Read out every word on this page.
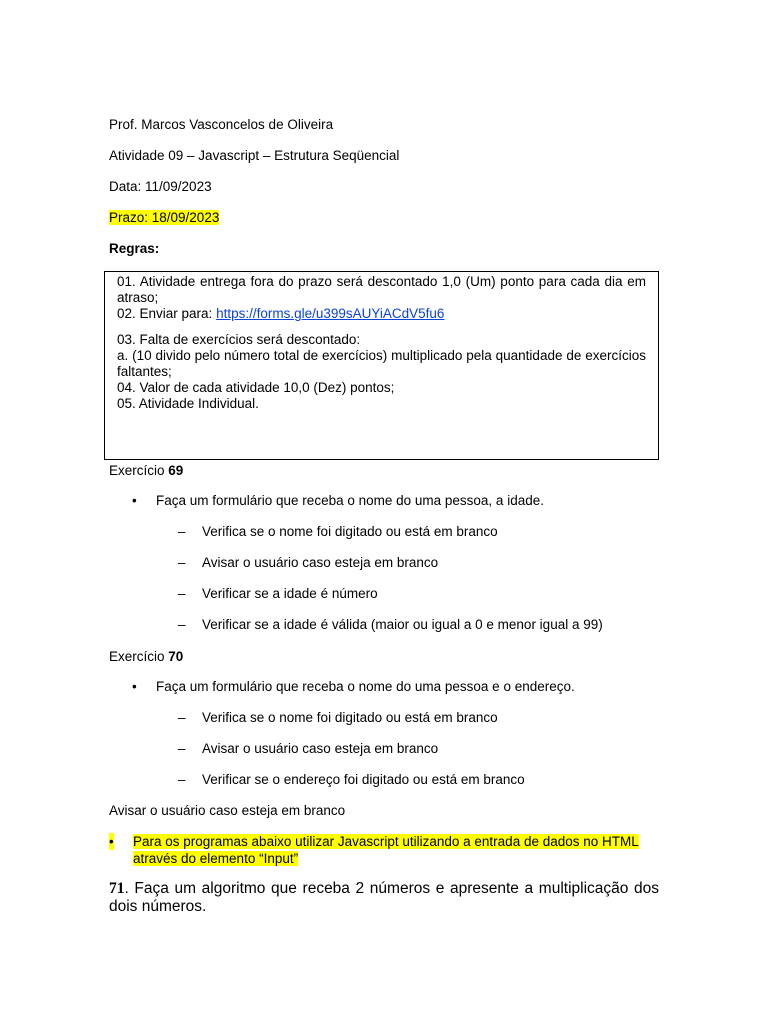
Prof. Marcos Vasconcelos de Oliveira
Atividade 09 – Javascript – Estrutura Seqüencial
Data: 11/09/2023
Prazo: 18/09/2023
Regras:
01. Atividade entrega fora do prazo será descontado 1,0 (Um) ponto para cada dia em atraso;
02. Enviar para: https://forms.gle/u399sAUYiACdV5fu6
03. Falta de exercícios será descontado:
a. (10 divido pelo número total de exercícios) multiplicado pela quantidade de exercícios faltantes;
04. Valor de cada atividade 10,0 (Dez) pontos;
05. Atividade Individual.
Exercício 69
• Faça um formulário que receba o nome do uma pessoa, a idade.
– Verifica se o nome foi digitado ou está em branco
– Avisar o usuário caso esteja em branco
– Verificar se a idade é número
– Verificar se a idade é válida (maior ou igual a 0 e menor igual a 99)
Exercício 70
• Faça um formulário que receba o nome do uma pessoa e o endereço.
– Verifica se o nome foi digitado ou está em branco
– Avisar o usuário caso esteja em branco
– Verificar se o endereço foi digitado ou está em branco
Avisar o usuário caso esteja em branco
• Para os programas abaixo utilizar Javascript utilizando a entrada de dados no HTML
através do elemento “Input”
71. Faça um algoritmo que receba 2 números e apresente a multiplicação dos dois números.
